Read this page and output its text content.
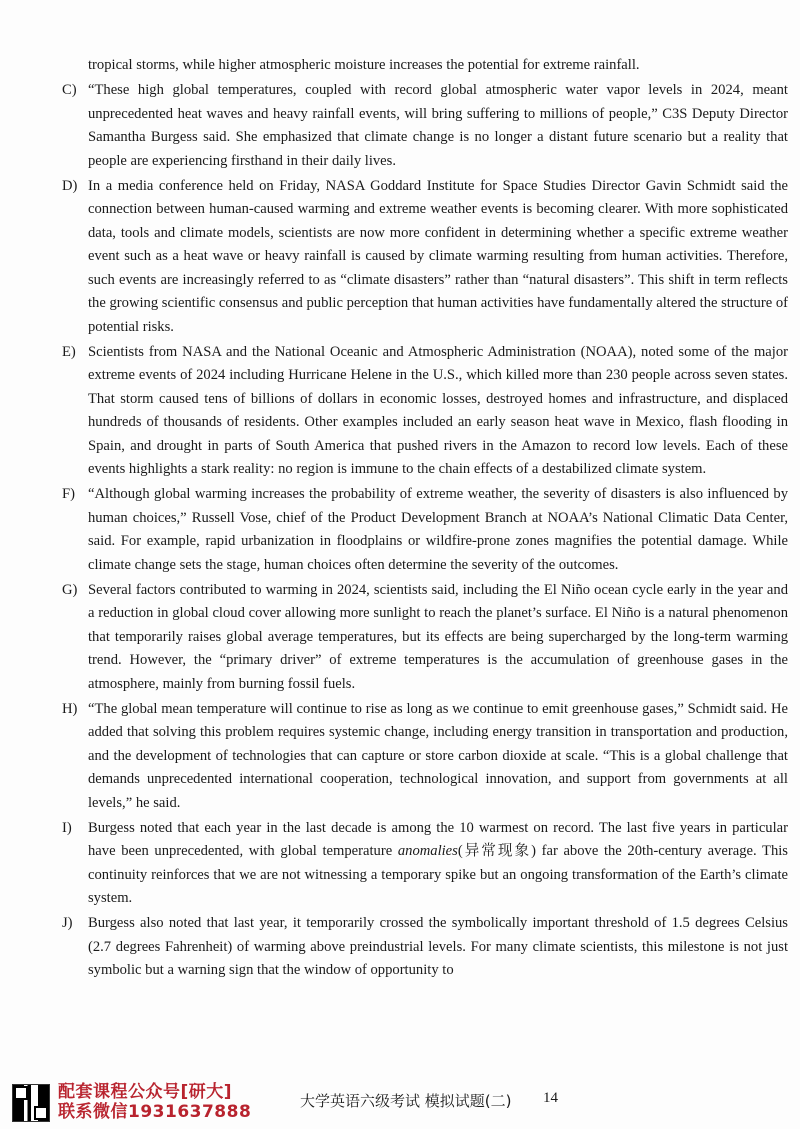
tropical storms, while higher atmospheric moisture increases the potential for extreme rainfall.

C) “These high global temperatures, coupled with record global atmospheric water vapor levels in 2024, meant unprecedented heat waves and heavy rainfall events, will bring suffering to millions of people,” C3S Deputy Director Samantha Burgess said. She emphasized that climate change is no longer a distant future scenario but a reality that people are experiencing firsthand in their daily lives.

D) In a media conference held on Friday, NASA Goddard Institute for Space Studies Director Gavin Schmidt said the connection between human-caused warming and extreme weather events is becoming clearer. With more sophisticated data, tools and climate models, scientists are now more confident in determining whether a specific extreme weather event such as a heat wave or heavy rainfall is caused by climate warming resulting from human activities. Therefore, such events are increasingly referred to as “climate disasters” rather than “natural disasters”. This shift in term reflects the growing scientific consensus and public perception that human activities have fundamentally altered the structure of potential risks.

E) Scientists from NASA and the National Oceanic and Atmospheric Administration (NOAA), noted some of the major extreme events of 2024 including Hurricane Helene in the U.S., which killed more than 230 people across seven states. That storm caused tens of billions of dollars in economic losses, destroyed homes and infrastructure, and displaced hundreds of thousands of residents. Other examples included an early season heat wave in Mexico, flash flooding in Spain, and drought in parts of South America that pushed rivers in the Amazon to record low levels. Each of these events highlights a stark reality: no region is immune to the chain effects of a destabilized climate system.

F) “Although global warming increases the probability of extreme weather, the severity of disasters is also influenced by human choices,” Russell Vose, chief of the Product Development Branch at NOAA’s National Climatic Data Center, said. For example, rapid urbanization in floodplains or wildfire-prone zones magnifies the potential damage. While climate change sets the stage, human choices often determine the severity of the outcomes.

G) Several factors contributed to warming in 2024, scientists said, including the El Niño ocean cycle early in the year and a reduction in global cloud cover allowing more sunlight to reach the planet’s surface. El Niño is a natural phenomenon that temporarily raises global average temperatures, but its effects are being supercharged by the long-term warming trend. However, the “primary driver” of extreme temperatures is the accumulation of greenhouse gases in the atmosphere, mainly from burning fossil fuels.

H) “The global mean temperature will continue to rise as long as we continue to emit greenhouse gases,” Schmidt said. He added that solving this problem requires systemic change, including energy transition in transportation and production, and the development of technologies that can capture or store carbon dioxide at scale. “This is a global challenge that demands unprecedented international cooperation, technological innovation, and support from governments at all levels,” he said.

I) Burgess noted that each year in the last decade is among the 10 warmest on record. The last five years in particular have been unprecedented, with global temperature anomalies(异常现象) far above the 20th-century average. This continuity reinforces that we are not witnessing a temporary spike but an ongoing transformation of the Earth’s climate system.

J) Burgess also noted that last year, it temporarily crossed the symbolically important threshold of 1.5 degrees Celsius (2.7 degrees Fahrenheit) of warming above preindustrial levels. For many climate scientists, this milestone is not just symbolic but a warning sign that the window of opportunity to

配套课程公众号[研大]
联系微信19316378​88
大学英语六级考试 模拟试题(二) 14
